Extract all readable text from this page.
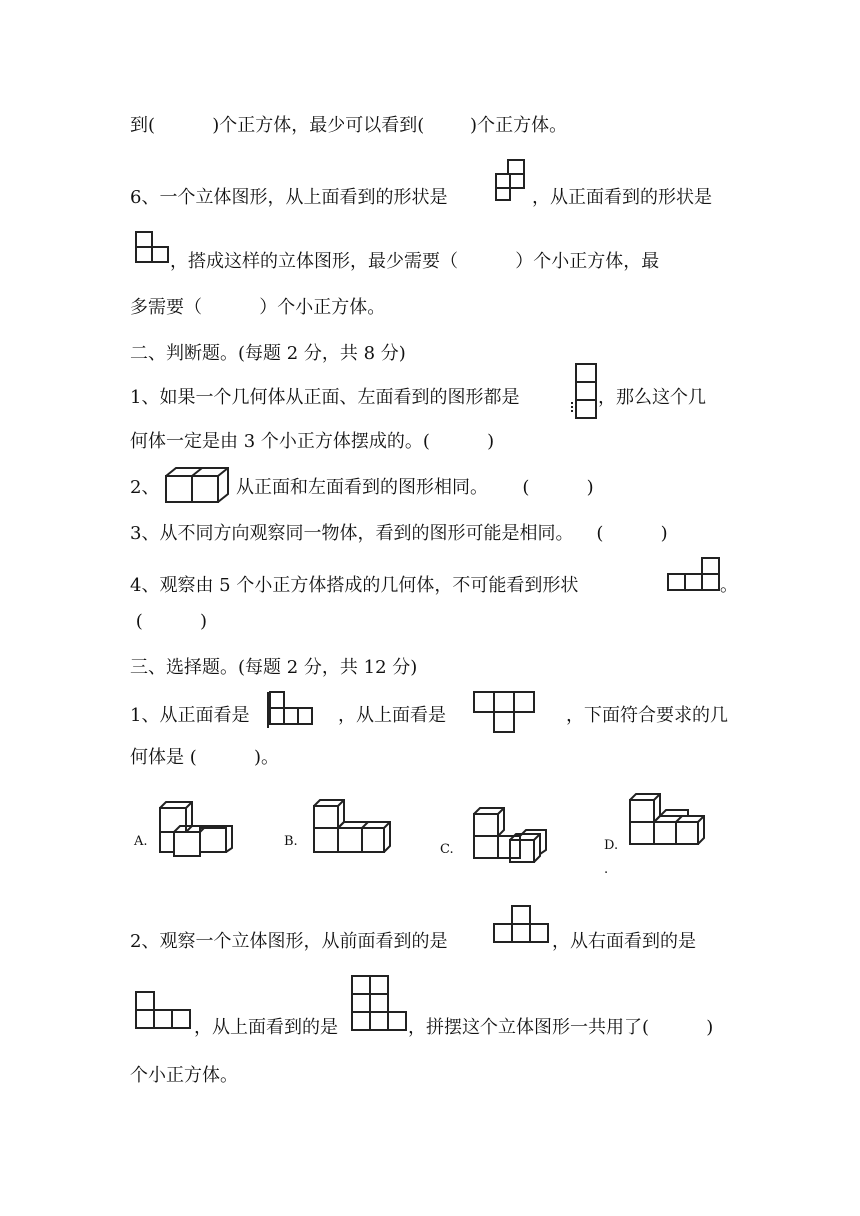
到(          )个正方体，最少可以看到(        )个正方体。
6、一个立体图形，从上面看到的形状是	，从正面看到的形状是
，搭成这样的立体图形，最少需要（          ）个小正方体，最
多需要（          ）个小正方体。
二、判断题。(每题 2 分，共 8 分)
1、如果一个几何体从正面、左面看到的图形都是	，那么这个几
何体一定是由 3 个小正方体摆成的。(          )
2、	从正面和左面看到的图形相同。      (          )
3、从不同方向观察同一物体，看到的图形可能是相同。    (          )
4、观察由 5 个小正方体搭成的几何体，不可能看到形状	。
(          )
三、选择题。(每题 2 分，共 12 分)
1、从正面看是	，从上面看是	，下面符合要求的几
何体是 (          )。
A.	B.
C.	D.
.
2、观察一个立体图形，从前面看到的是	，从右面看到的是
，从上面看到的是	，拼摆这个立体图形一共用了(          )
个小正方体。
